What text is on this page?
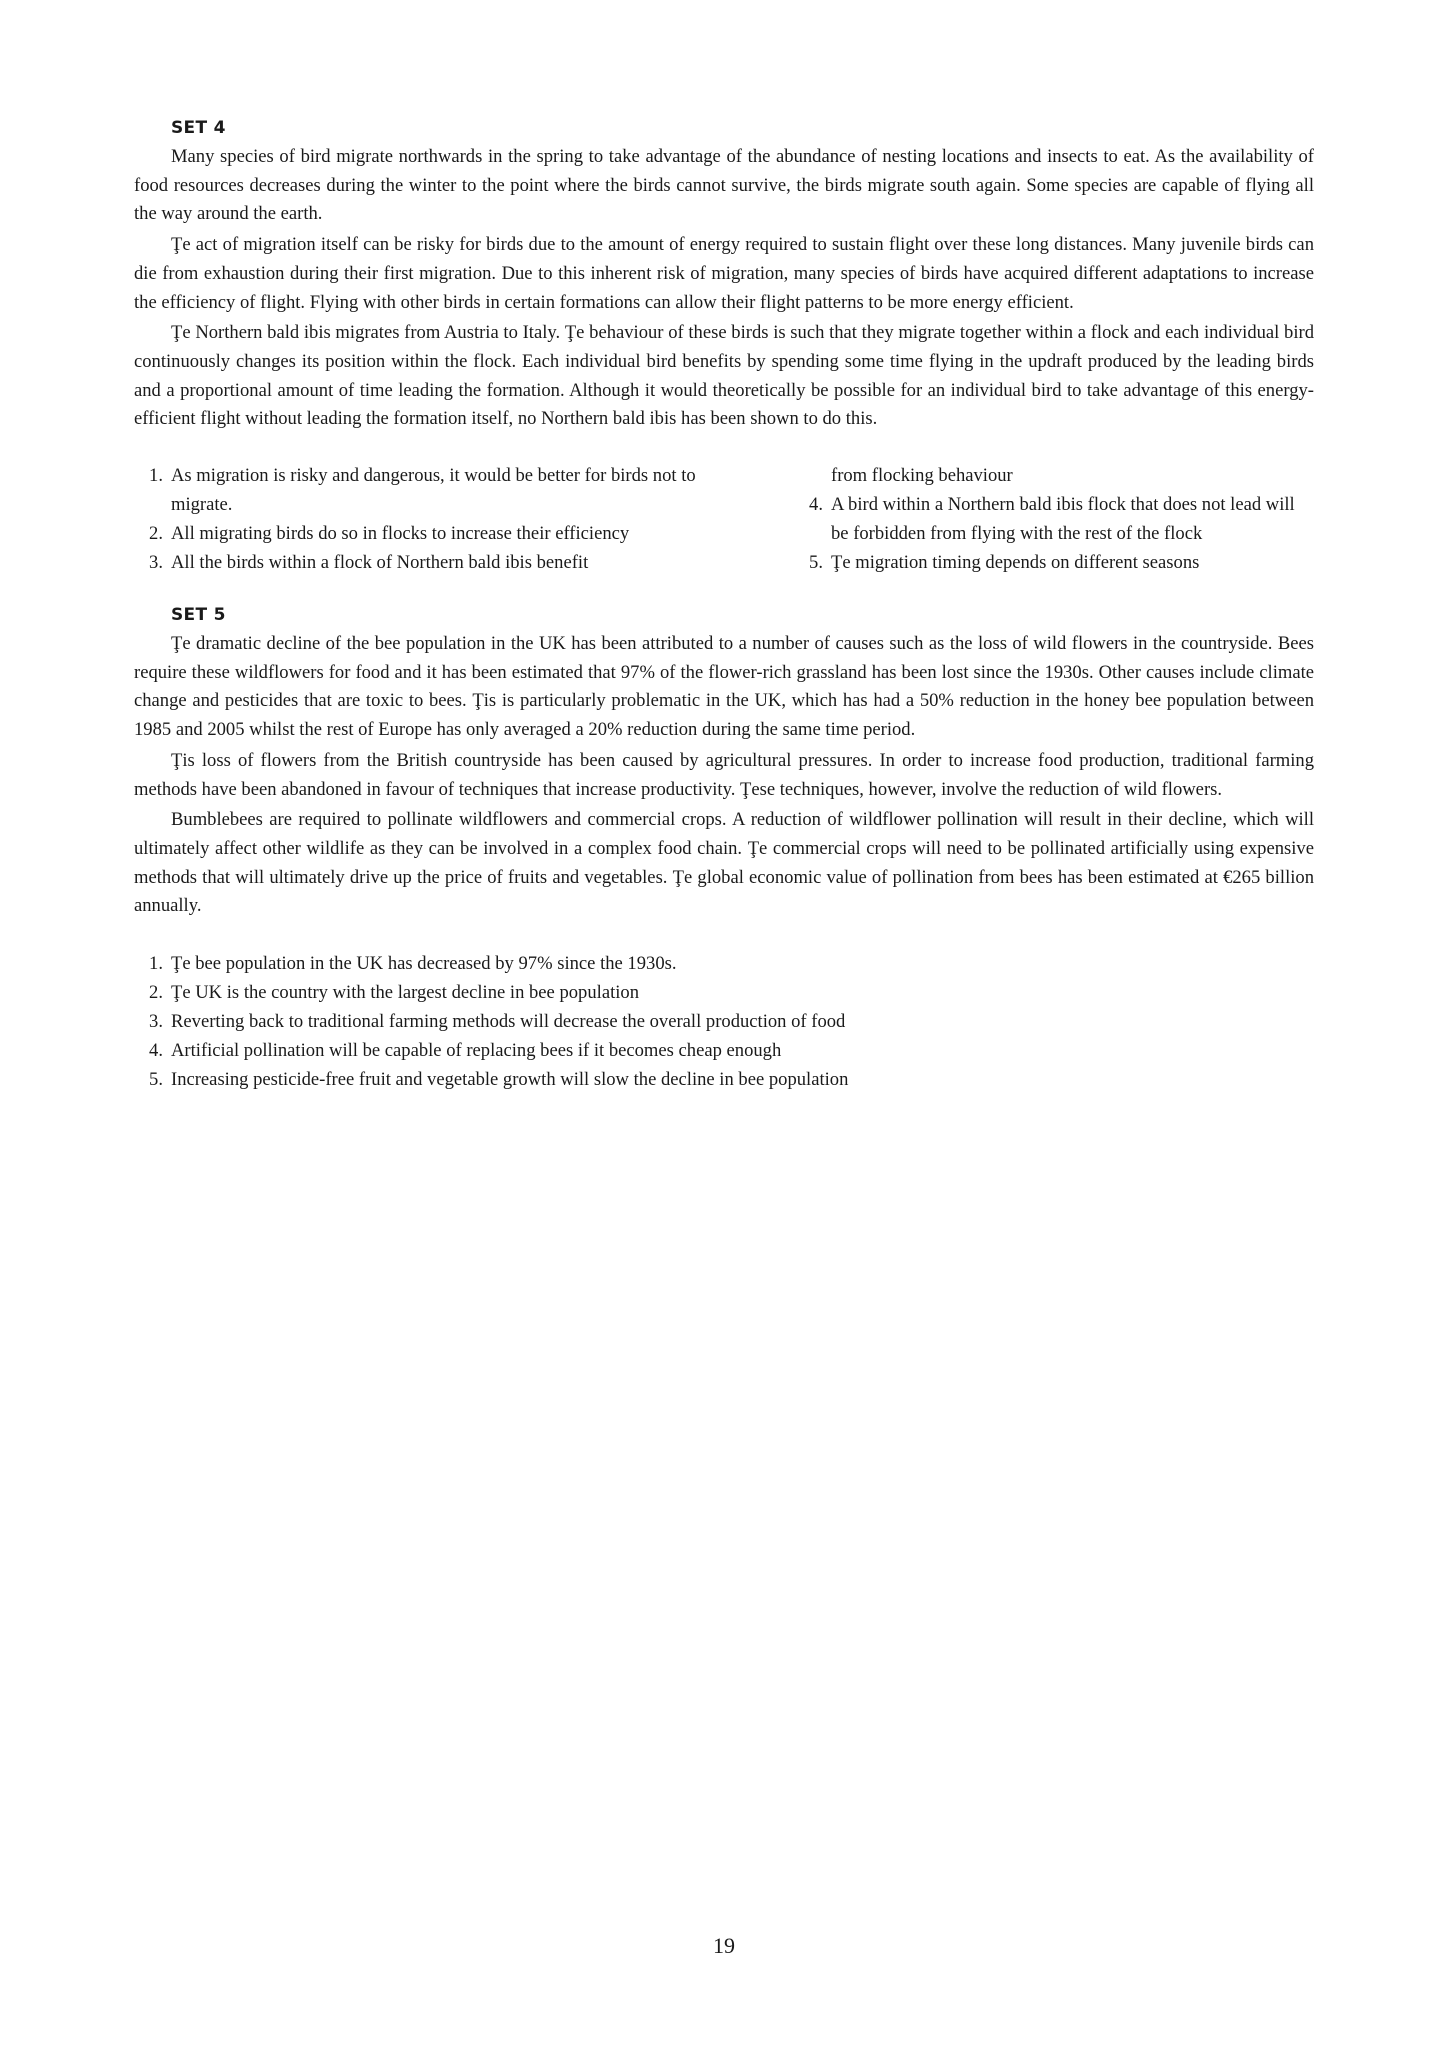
SET 4

Many species of bird migrate northwards in the spring to take advantage of the abundance of nesting locations and insects to eat. As the availability of food resources decreases during the winter to the point where the birds cannot survive, the birds migrate south again. Some species are capable of flying all the way around the earth.

Ţe act of migration itself can be risky for birds due to the amount of energy required to sustain flight over these long distances. Many juvenile birds can die from exhaustion during their first migration. Due to this inherent risk of migration, many species of birds have acquired different adaptations to increase the efficiency of flight. Flying with other birds in certain formations can allow their flight patterns to be more energy efficient.

Ţe Northern bald ibis migrates from Austria to Italy. Ţe behaviour of these birds is such that they migrate together within a flock and each individual bird continuously changes its position within the flock. Each individual bird benefits by spending some time flying in the updraft produced by the leading birds and a proportional amount of time leading the formation. Although it would theoretically be possible for an individual bird to take advantage of this energy-efficient flight without leading the formation itself, no Northern bald ibis has been shown to do this.

1. As migration is risky and dangerous, it would be better for birds not to migrate.
2. All migrating birds do so in flocks to increase their efficiency
3. All the birds within a flock of Northern bald ibis benefit
from flocking behaviour
4. A bird within a Northern bald ibis flock that does not lead will be forbidden from flying with the rest of the flock
5. Ţe migration timing depends on different seasons
SET 5

Ţe dramatic decline of the bee population in the UK has been attributed to a number of causes such as the loss of wild flowers in the countryside. Bees require these wildflowers for food and it has been estimated that 97% of the flower-rich grassland has been lost since the 1930s. Other causes include climate change and pesticides that are toxic to bees. Ţis is particularly problematic in the UK, which has had a 50% reduction in the honey bee population between 1985 and 2005 whilst the rest of Europe has only averaged a 20% reduction during the same time period.

Ţis loss of flowers from the British countryside has been caused by agricultural pressures. In order to increase food production, traditional farming methods have been abandoned in favour of techniques that increase productivity. Ţese techniques, however, involve the reduction of wild flowers.

Bumblebees are required to pollinate wildflowers and commercial crops. A reduction of wildflower pollination will result in their decline, which will ultimately affect other wildlife as they can be involved in a complex food chain. Ţe commercial crops will need to be pollinated artificially using expensive methods that will ultimately drive up the price of fruits and vegetables. Ţe global economic value of pollination from bees has been estimated at €265 billion annually.

1. Ţe bee population in the UK has decreased by 97% since the 1930s.
2. Ţe UK is the country with the largest decline in bee population
3. Reverting back to traditional farming methods will decrease the overall production of food
4. Artificial pollination will be capable of replacing bees if it becomes cheap enough
5. Increasing pesticide-free fruit and vegetable growth will slow the decline in bee population
19
